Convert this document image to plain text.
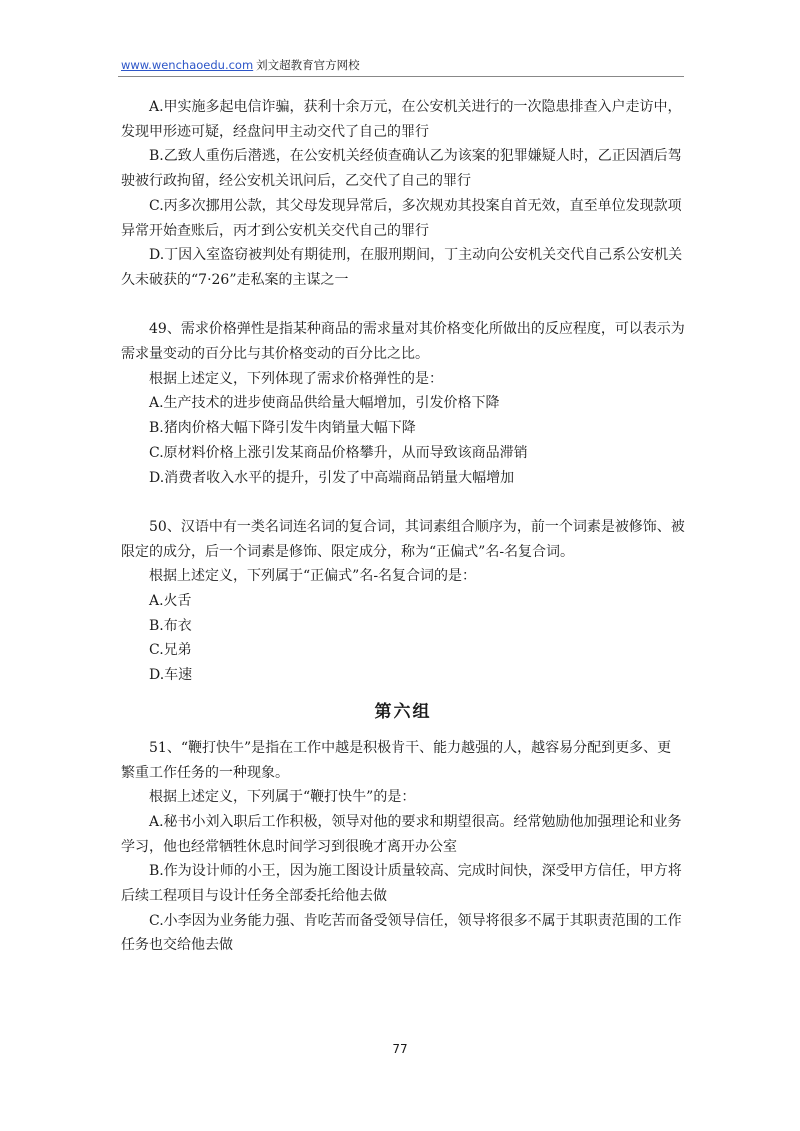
www.wenchaoedu.com 刘文超教育官方网校

A.甲实施多起电信诈骗，获利十余万元，在公安机关进行的一次隐患排查入户走访中，发现甲形迹可疑，经盘问甲主动交代了自己的罪行

B.乙致人重伤后潜逃，在公安机关经侦查确认乙为该案的犯罪嫌疑人时，乙正因酒后驾驶被行政拘留，经公安机关讯问后，乙交代了自己的罪行

C.丙多次挪用公款，其父母发现异常后，多次规劝其投案自首无效，直至单位发现款项异常开始查账后，丙才到公安机关交代自己的罪行

D.丁因入室盗窃被判处有期徒刑，在服刑期间，丁主动向公安机关交代自己系公安机关久未破获的“7·26”走私案的主谋之一

49、需求价格弹性是指某种商品的需求量对其价格变化所做出的反应程度，可以表示为需求量变动的百分比与其价格变动的百分比之比。

根据上述定义，下列体现了需求价格弹性的是：

A.生产技术的进步使商品供给量大幅增加，引发价格下降

B.猪肉价格大幅下降引发牛肉销量大幅下降

C.原材料价格上涨引发某商品价格攀升，从而导致该商品滞销

D.消费者收入水平的提升，引发了中高端商品销量大幅增加

50、汉语中有一类名词连名词的复合词，其词素组合顺序为，前一个词素是被修饰、被限定的成分，后一个词素是修饰、限定成分，称为“正偏式”名-名复合词。

根据上述定义，下列属于“正偏式”名-名复合词的是：

A.火舌

B.布衣

C.兄弟

D.车速

第六组

51、“鞭打快牛”是指在工作中越是积极肯干、能力越强的人，越容易分配到更多、更繁重工作任务的一种现象。

根据上述定义，下列属于“鞭打快牛”的是：

A.秘书小刘入职后工作积极，领导对他的要求和期望很高。经常勉励他加强理论和业务学习，他也经常牺牲休息时间学习到很晚才离开办公室

B.作为设计师的小王，因为施工图设计质量较高、完成时间快，深受甲方信任，甲方将后续工程项目与设计任务全部委托给他去做

C.小李因为业务能力强、肯吃苦而备受领导信任，领导将很多不属于其职责范围的工作任务也交给他去做

77
